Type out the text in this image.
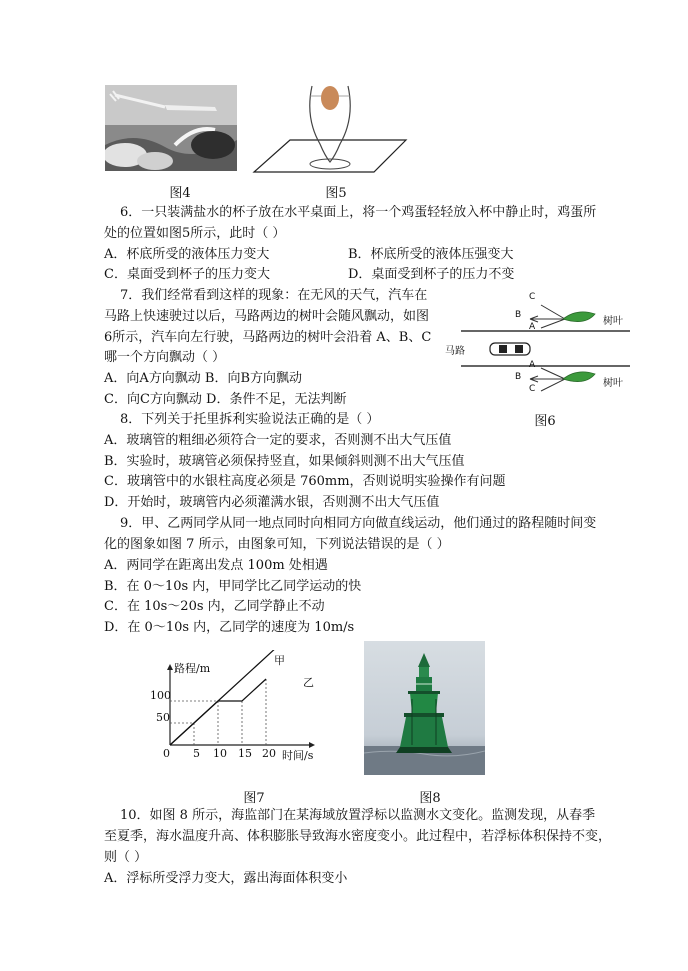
图4	图5
6．一只装满盐水的杯子放在水平桌面上，将一个鸡蛋轻轻放入杯中静止时，鸡蛋所
处的位置如图5所示，此时（ ）
A．杯底所受的液体压力变大	B．杯底所受的液体压强变大
C．桌面受到杯子的压力变大	D．桌面受到杯子的压力不变
7．我们经常看到这样的现象：在无风的天气，汽车在
马路上快速驶过以后，马路两边的树叶会随风飘动，如图
6所示，汽车向左行驶，马路两边的树叶会沿着 A、B、C
哪一个方向飘动（ ）
A．向A方向飘动 B．向B方向飘动
C．向C方向飘动 D．条件不足，无法判断
C
B
A
A
B
C
树叶
树叶
马路
图6
8．下列关于托里拆利实验说法正确的是（ ）
A．玻璃管的粗细必须符合一定的要求，否则测不出大气压值
B．实验时，玻璃管必须保持竖直，如果倾斜则测不出大气压值
C．玻璃管中的水银柱高度必须是 760mm，否则说明实验操作有问题
D．开始时，玻璃管内必须灌满水银，否则测不出大气压值
9．甲、乙两同学从同一地点同时向相同方向做直线运动，他们通过的路程随时间变
化的图象如图 7 所示，由图象可知，下列说法错误的是（ ）
A．两同学在距离出发点 100m 处相遇
B．在 0～10s 内，甲同学比乙同学运动的快
C．在 10s～20s 内，乙同学静止不动
D．在 0～10s 内，乙同学的速度为 10m/s
路程/m
时间/s
甲
乙
100
50
0 5 10 15 20
图7	图8
10．如图 8 所示，海监部门在某海域放置浮标以监测水文变化。监测发现，从春季
至夏季，海水温度升高、体积膨胀导致海水密度变小。此过程中，若浮标体积保持不变，
则（ ）
A．浮标所受浮力变大，露出海面体积变小
